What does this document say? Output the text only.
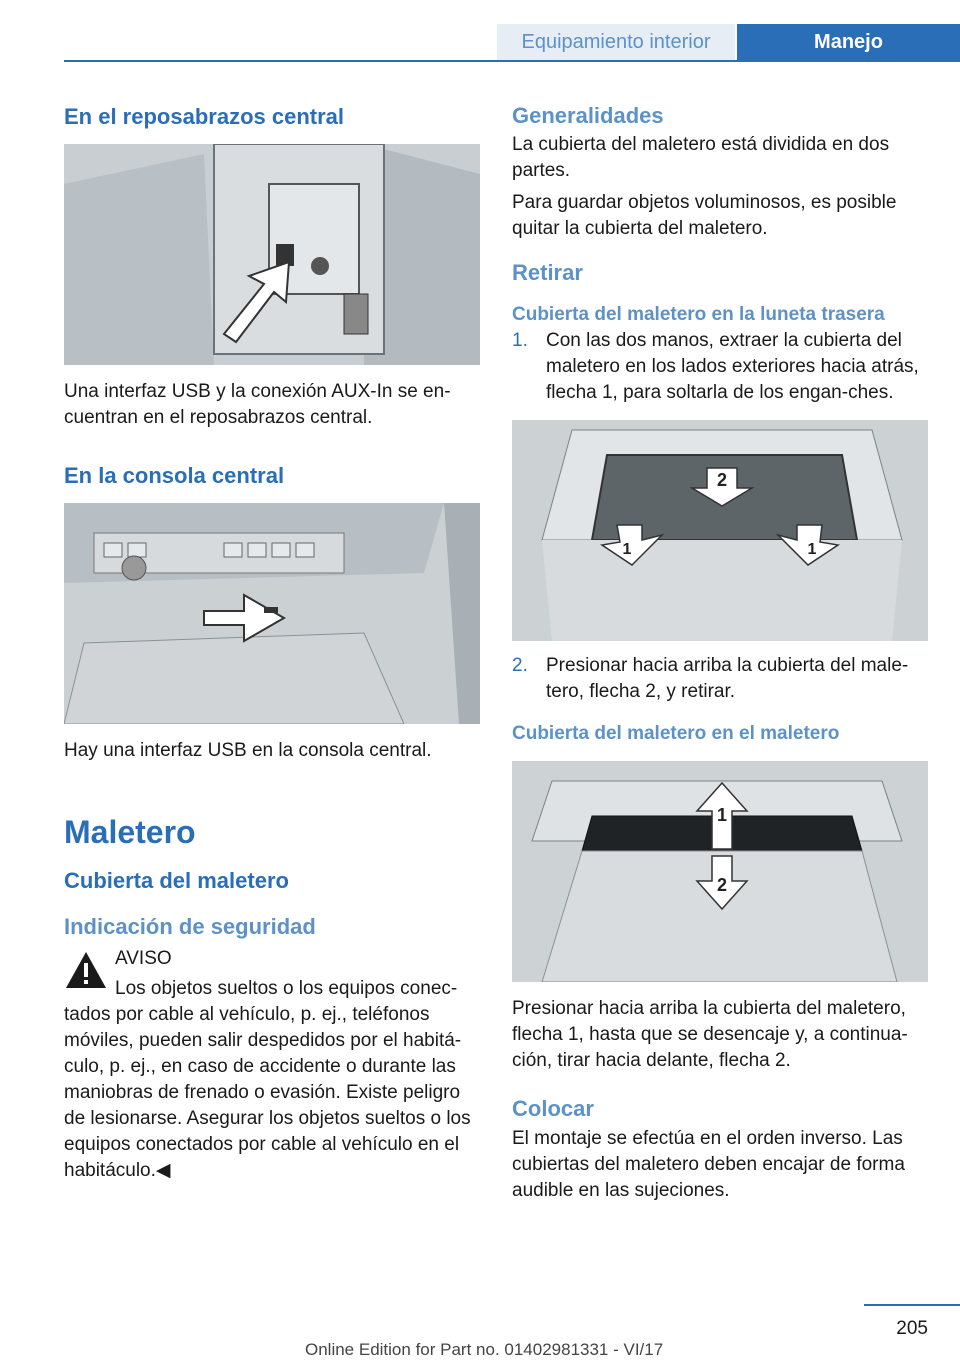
Equipamiento interior	Manejo
En el reposabrazos central

Una interfaz USB y la conexión AUX-In se en-cuentran en el reposabrazos central.

En la consola central

Hay una interfaz USB en la consola central.

Maletero
Cubierta del maletero
Indicación de seguridad

AVISO

Los objetos sueltos o los equipos conec-tados por cable al vehículo, p. ej., teléfonos móviles, pueden salir despedidos por el habitá-culo, p. ej., en caso de accidente o durante las maniobras de frenado o evasión. Existe peligro de lesionarse. Asegurar los objetos sueltos o los equipos conectados por cable al vehículo en el habitáculo.◀

Generalidades

La cubierta del maletero está dividida en dos partes.

Para guardar objetos voluminosos, es posible quitar la cubierta del maletero.

Retirar
Cubierta del maletero en la luneta trasera
1. Con las dos manos, extraer la cubierta del maletero en los lados exteriores hacia atrás, flecha 1, para soltarla de los engan-ches.
2
1	1
2. Presionar hacia arriba la cubierta del male-tero, flecha 2, y retirar.
Cubierta del maletero en el maletero
1
2

Presionar hacia arriba la cubierta del maletero, flecha 1, hasta que se desencaje y, a continua-ción, tirar hacia delante, flecha 2.

Colocar

El montaje se efectúa en el orden inverso. Las cubiertas del maletero deben encajar de forma audible en las sujeciones.

205
Online Edition for Part no. 01402981331 - VI/17
